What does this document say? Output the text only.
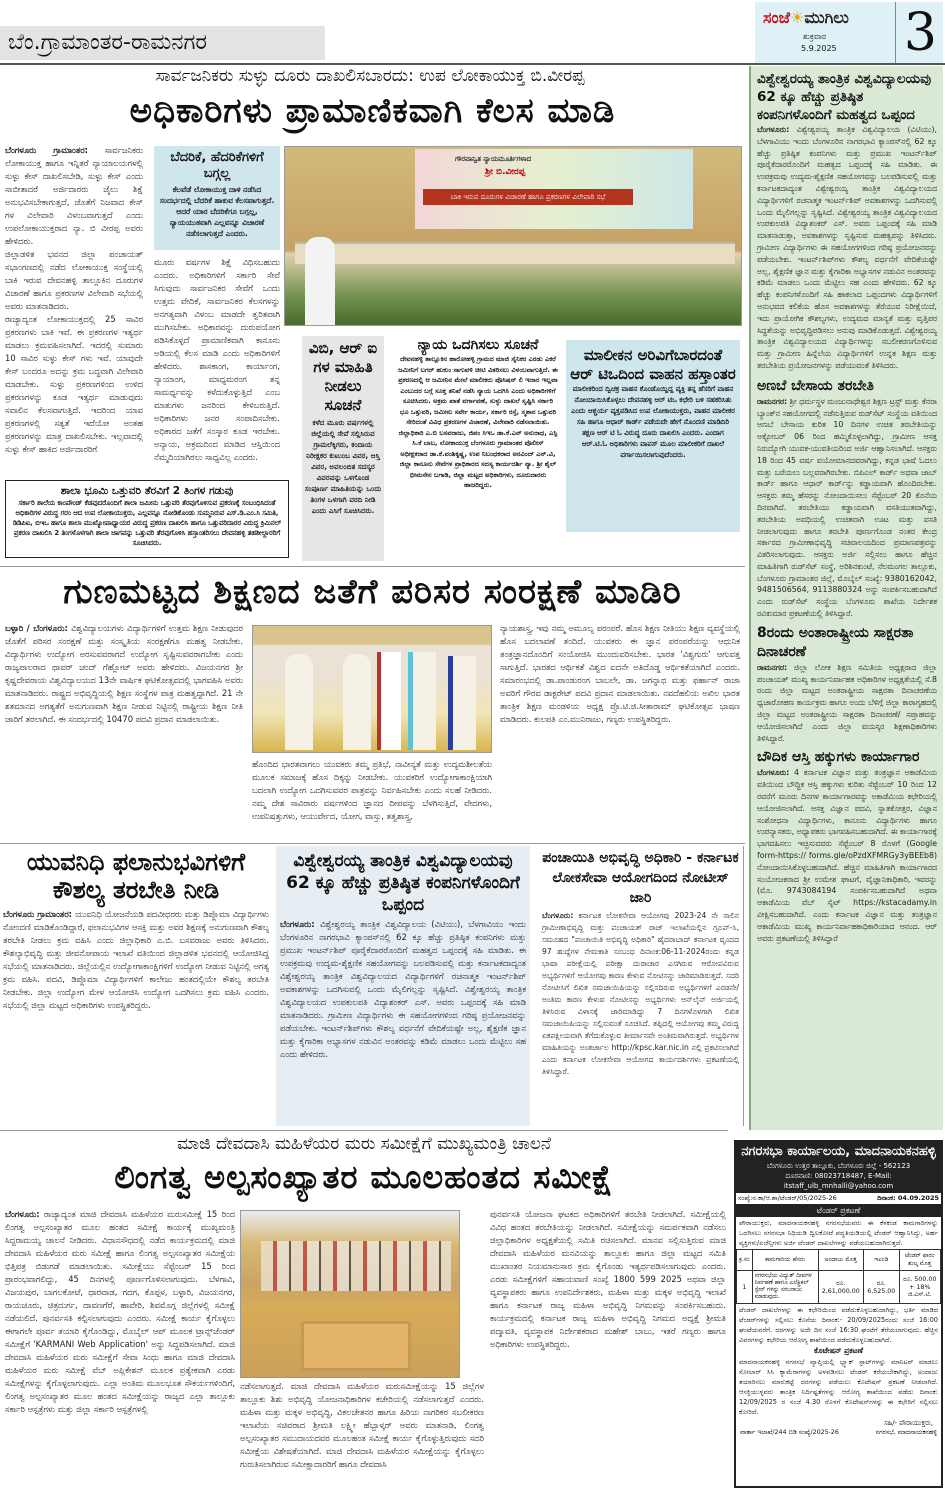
ಬೆಂ.ಗ್ರಾಮಾಂತರ-ರಾಮನಗರ
ಸಂಜೆ☀ಮುಗಿಲು
ಶುಕ್ರವಾರ
5.9.2025 3
ಸಾರ್ವಜನಿಕರು ಸುಳ್ಳು ದೂರು ದಾಖಲಿಸಬಾರದು: ಉಪ ಲೋಕಾಯುಕ್ತ ಬಿ.ವೀರಪ್ಪ
ಅಧಿಕಾರಿಗಳು ಪ್ರಾಮಾಣಿಕವಾಗಿ ಕೆಲಸ ಮಾಡಿ
ಬೆಂಗಳೂರು ಗ್ರಾಮಾಂತರ: ಸಾರ್ವಜನಿಕರು ಲೋಕಾಯುಕ್ತ ಹಾಗೂ ಇನ್ನಿತರೆ ನ್ಯಾಯಾಲಯಗಳಲ್ಲಿ ಸುಳ್ಳು ಕೇಸ್ ದಾಖಲಿಸಬೇಡಿ, ಸುಳ್ಳು ಕೇಸ್ ಎಂದು ಸಾಬೀತಾದರೆ ಅರ್ಜಿದಾರರು ಜೈಲು ಶಿಕ್ಷೆ ಅನುಭವಿಸಬೇಕಾಗುತ್ತದೆ, ಜೊತೆಗೆ ನಿಜವಾದ ಕೇಸ್ ಗಳ ವಿಲೇವಾರಿ ವಿಳಂಬವಾಗುತ್ತದೆ ಎಂದು ಉಪಲೋಕಾಯುಕ್ತರಾದ ನ್ಯಾ. ಬಿ ವೀರಪ್ಪ ಅವರು ಹೇಳಿದರು.
ಜಿಲ್ಲಾಡಳಿತ ಭವನದ ಜಿಲ್ಲಾ ಪಂಚಾಯತ್ ಸಭಾಂಗಣದಲ್ಲಿ ನಡೆದ ಲೋಕಾಯುಕ್ತ ಸಂಸ್ಥೆಯಲ್ಲಿ ಬಾಕಿ ಇರುವ ದೇವನಹಳ್ಳಿ ತಾಲ್ಲೂಕಿನ ದೂರುಗಳ ವಿಚಾರಣೆ ಹಾಗೂ ಪ್ರಕರಣಗಳ ವಿಲೇವಾರಿ ಸಭೆಯಲ್ಲಿ ಅವರು ಮಾತನಾಡಿದರು.
ರಾಜ್ಯಾದ್ಯಂತ ಲೋಕಾಯುಕ್ತದಲ್ಲಿ 25 ಸಾವಿರ ಪ್ರಕರಣಗಳು ಬಾಕಿ ಇವೆ. ಈ ಪ್ರಕರಣಗಳ ಇತ್ಯರ್ಥ ಮಾಡಲು ಕ್ರಮವಹಿಸಲಾಗಿದೆ. ಇದರಲ್ಲಿ ಸುಮಾರು 10 ಸಾವಿರ ಸುಳ್ಳು ಕೇಸ್ ಗಳು ಇವೆ. ಯಾವುದೇ ಕೇಸ್ ಬಂದರೂ ಅದನ್ನು ಕ್ರಮ ಬದ್ಧವಾಗಿ ವಿಲೇವಾರಿ ಮಾಡಬೇಕು. ಸುಳ್ಳು ಪ್ರಕರಣಗಳಿಂದ ಉಳಿದ ಪ್ರಕರಣಗಳನ್ನು ಕೂಡ ಇತ್ಯರ್ಥ ಮಾಡುವುದು ಸವಾಲಿನ ಕೆಲಸವಾಗುತ್ತಿದೆ. ಇದರಿಂದ ಯಾವ ಪ್ರಕರಣಗಳಲ್ಲಿ ಸತ್ಯತೆ ಇದೆಯೋ ಅಂತಹ ಪ್ರಕರಣಗಳನ್ನು ಮಾತ್ರ ದಾಖಲಿಸಬೇಕು. ಇಲ್ಲವಾದಲ್ಲಿ ಸುಳ್ಳು ಕೇಸ್ ಹಾಕಿದ ಅರ್ಜಿದಾರರಿಗೆ
ಬೆದರಿಕೆ, ಹೆದರಿಕೆಗಳಿಗೆ ಬಗ್ಗಲ್ಲ
ಕೆಲವೆಡೆ ಲೋಕಾಯುಕ್ತ ದಾಳಿ ನಡೆಸಿದ ಸಂದರ್ಭದಲ್ಲಿ ಬೆದರಿಕೆ ಹಾಕುವ ಕೆಲಸವಾಗುತ್ತದೆ. ಆದರೆ ಯಾರ ಬೆದರಿಕೆಗೂ ಬಗ್ಗಲ್ಲ, ನ್ಯಾಯಯುತವಾಗಿ ಎಲ್ಲವನ್ನೂ ವಿಚಾರಣೆ ನಡೆಸಲಾಗುತ್ತದೆ ಎಂದರು.
ಮೂರು ವರ್ಷಗಳ ಶಿಕ್ಷೆ ವಿಧಿಸಬಹುದು ಎಂದರು. ಅಧಿಕಾರಿಗಳಿಗೆ ಸರ್ಕಾರಿ ಸೇವೆ ಸಿಗುವುದು ಸಾರ್ವಜನಿಕರ ಸೇವೆಗೆ ಒಂದು ಉತ್ತಮ ವೇದಿಕೆ, ಸಾರ್ವಜನಿಕರ ಕೆಲಸಗಳನ್ನು ಅನಗತ್ಯವಾಗಿ ವಿಳಂಬ ಮಾಡದೇ ತ್ವರಿತವಾಗಿ ಮುಗಿಸಬೇಕು. ಅಧಿಕಾರವನ್ನು ದುರುಪಯೋಗ ಪಡಿಸಿಕೊಳ್ಳದೆ ಪ್ರಾಮಾಣಿಕವಾಗಿ ಕಾನೂನು ಅಡಿಯಲ್ಲಿ ಕೆಲಸ ಮಾಡಿ ಎಂದು ಅಧಿಕಾರಿಗಳಿಗೆ ಹೇಳಿದರು. ಶಾಸಕಾಂಗ, ಕಾರ್ಯಾಂಗ, ನ್ಯಾಯಾಂಗ, ಮಾಧ್ಯಮರಂಗ ತನ್ನ ಸಾಮರ್ಥ್ಯವನ್ನು ಕಳೆದುಕೊಳ್ಳುತ್ತಿದೆ ಎಂಬ ಮಾತುಗಳು ಜನರಿಂದ ಕೇಳಿಬರುತ್ತಿದೆ. ಅಧಿಕಾರಿಗಳು ಜನರ ಸಂಪಾದಿಸಬೇಕು. ಅಧಿಕಾರದ ಜತೆಗೆ ಸಂಸ್ಕಾರ ಕೂಡ ಇರಬೇಕು. ಅನ್ಯಾಯ, ಅಕ್ರಮದಿಂದ ಮಾಡಿದ ಆಸ್ತಿಯಿಂದ ನೆಮ್ಮದಿಯಾಗಿರಲು ಸಾಧ್ಯವಿಲ್ಲ ಎಂದರು.
ಗೌರವಾನ್ವಿತ ನ್ಯಾಯಮೂರ್ತಿಗಳಾದ
ಶ್ರೀ ಬಿ.ವೀರಪ್ಪ
ಬಾಕಿ ಇರುವ ದೂರುಗಳ ವಿಚಾರಣೆ ಹಾಗೂ ಪ್ರಕರಣಗಳ ವಿಲೇವಾರಿ ಸಭೆ
ವಿಬಿ, ಆರ್ ಐ ಗಳ ಮಾಹಿತಿ ನೀಡಲು ಸೂಚನೆ
ಕಳೆದ ಮೂರು ವರ್ಷಗಳಲ್ಲಿ ಜಿಲ್ಲೆಯಲ್ಲಿ ಸೇವೆ ಸಲ್ಲಿಸಿರುವ ಗ್ರಾಮಲೆಕ್ಕಿಗರು, ಕಂದಾಯ ನಿರೀಕ್ಷಕರ ಕುಟುಂಬ ವಿವರ, ಆಸ್ತಿ ವಿವರ, ಅವಲಂಬಿತ ಸದಸ್ಯರ ವಿವರವನ್ನು ಒಳಗೊಂಡ ಸಂಪೂರ್ಣ ಮಾಹಿತಿಯನ್ನು ಒಂದು ತಿಂಗಳ ಒಳಗಾಗಿ ವರದಿ ನೀಡಿ ಎಂದು ಎಸಿಗೆ ಸೂಚಿಸಿದರು.
ನ್ಯಾಯ ಒದಗಿಸಲು ಸೂಚನೆ
ದೇವನಹಳ್ಳಿ ತಾಲ್ಲೂಕಿನ ಹಾರೋಹಳ್ಳಿ ಗ್ರಾಮದ ಮಾಜಿ ಸೈನಿಕರ ಎರಡು ಎಕರೆ ಜಮೀನಿಗೆ ಬಗರ್ ಹುಕುಂ ಸಾಗುವಳಿ ಚೀಟಿ ವಿತರಿಸಲು ವಿಳಂಬವಾಗುತ್ತಿದೆ. ಈ ಪ್ರಕರಣದಲ್ಲಿ ಆ ಜಮೀನಿನ ಮೇಲೆ ಮಾಲೀಕರು ಪೊಸಿಷನ್ ಲಿ ಇದಾರ ಇಲ್ಲವಾ ಎಂಬುದರ ಬಗ್ಗೆ ಸೂಕ್ತ ತನಿಖೆ ನಡೆಸಿ ನ್ಯಾಯ ಒದಗಿಸಿ ಎಂದು ಅಧಿಕಾರಿಗಳಿಗೆ ಸೂಚಿಸಿದರು. ಅಕ್ರಮ ಖಾತೆ ವರ್ಗಾವಣೆ, ಸುಳ್ಳು ದಾಖಲೆ ಸೃಷ್ಟಿಸಿ ಸರ್ಕಾರಿ ಭೂ ಒತ್ತುವರಿ, ಜಮೀನು ಸರ್ವೇ ಕಾರ್ಯ, ಸರ್ಕಾರಿ ರಸ್ತೆ, ಸ್ಮಶಾನ ಒತ್ತುವರಿ ಸೇರಿದಂತೆ ವಿವಿಧ ಪ್ರಕರಣಗಳ ವಿಚಾರಣೆ, ವಿಲೇವಾರಿ ನಡೆಸಲಾಯಿತು. ಜಿಲ್ಲಾಧಿಕಾರಿ ಎ.ಬಿ ಬಸವರಾಜು, ಜಿಪಂ ಸಿಇಒ ಡಾ.ಕೆ.ಎನ್ ಅನುರಾಧ, ಎಸ್ಪಿ ಸಿ.ಕೆ ಬಾಬ, ಲೋಕಾಯುಕ್ತ ಬೆಂಗಳೂರು ಗ್ರಾಮಾಂತರ ಪೊಲೀಸ್ ಅಧೀಕ್ಷಕರಾದ ಡಾ.ಕೆ.ವಂಶಿಕೃಷ್ಣ, ಉಪ ನಿಬಂಧಕರಾದ ಅರವಿಂದ್ ಎನ್.ವಿ, ಜಿಲ್ಲಾ ಕಾನೂನು ಸೇವೆಗಳ ಪ್ರಾಧಿಕಾರದ ಸದಸ್ಯ ಕಾರ್ಯದರ್ಶಿ ನ್ಯಾ. ಶ್ರೀ ಶೈಲ್ ಭೀಮಸೇನ ಬಗಾಡಿ, ಜಿಲ್ಲಾ ಮಟ್ಟದ ಅಧಿಕಾರಿಗಳು, ದೂರುದಾರರು ಹಾಜರಿದ್ದರು.
ಮಾಲೀಕನ ಅರಿವಿಗೆಬಾರದಂತೆ ಆರ್ ಟಿಒದಿಂದ ವಾಹನ ಹಸ್ತಾಂತರ
ಮಾಲೀಕರಿಂದ ದ್ವಿಚಕ್ರ ವಾಹನ ಕೊಂಡೊಯ್ದಿದ್ದ ವ್ಯಕ್ತಿ ತನ್ನ ಹೆಸರಿಗೆ ವಾಹನ ನೋಂದಾಯಿಸಿಕೊಳ್ಳಲು ದೇವನಹಳ್ಳಿ ಆರ್ ಟಿಒ ಕಛೇರಿ ಬಳಿ ಸಹಕರಿಸಿತು ಎಂದು ಆಶ್ಚರ್ಯ ವ್ಯಕ್ತಪಡಿಸಿದ ಉಪ ಲೋಕಾಯುಕ್ತರು, ವಾಹನ ಮಾಲೀಕರ ಸಹಿ ಹಾಗೂ ಆಧಾರ್ ಕಾರ್ಡ್ ಪಡೆಯದೇ ಹೇಗೆ ನೊಂದಣಿ ಮಾಡಿದಿರಿ ತಕ್ಷಣ ಆರ್ ಟಿ ಓ ವಿರುದ್ಧ ದೂರು ದಾಖಲಿಸಿ ಎಂದರು. ಎಂದಾಗ ಆರ್.ಟಿ.ಓ ಅಧಿಕಾರಿಗಳು ವಾಪಸ್ ಮೂಲ ಮಾಲೀಕರಿಗೆ ದಾಖಲೆ ವರ್ಗಾಯಿಸಲಾಗುವುದೆಂದರು.
ಶಾಲಾ ಭೂಮಿ ಒತ್ತುವರಿ ತೆರವಿಗೆ 2 ತಿಂಗಳ ಗಡುವು
ಸರ್ಕಾರಿ ಶಾಲೆಯ ಕಾಂಪೌಂಡ್ ಕೆಡವುದರೊಂದಿಗೆ ಶಾಲಾ ಜಮೀನು ಒತ್ತುವರಿ ತೆರವುಗೊಳಿಸುವ ಪ್ರಕರಣಕ್ಕೆ ಸಂಬಂಧಿಸಿದಂತೆ ಅಧಿಕಾರಿಗಳ ವಿರುದ್ಧ ಗರಂ ಆದ ಉಪ ಲೋಕಾಯುಕ್ತರು, ಎಲ್ಲವನ್ನೂ ನೋಡಿಕೊಂಡು ಸುಮ್ಮನಿರುವ ಎಸ್.ಡಿ.ಎಂ.ಸಿ ಸಮಿತಿ, ಡಿಡಿಪಿಐ, ಬಿಇಒ ಹಾಗೂ ಶಾಲಾ ಮುಖ್ಯೋಪಾಧ್ಯಾಯರ ವಿರುದ್ಧ ಪ್ರಕರಣ ದಾಖಲಿಸಿ ಹಾಗೂ ಒತ್ತುವರಿದಾರರ ವಿರುದ್ಧ ಕ್ರಿಮಿನಲ್ ಪ್ರಕರಣ ದಾಖಲಿಸಿ 2 ತಿಂಗಳೊಳಗಾಗಿ ಶಾಲಾ ಜಾಗವನ್ನು ಒತ್ತುವರಿ ತೆರವುಗೊಳಿಸಿ ಹಸ್ತಾಂತರಿಸಲು ದೇವನಹಳ್ಳಿ ತಹಶೀಲ್ದಾರರಿಗೆ ಸೂಚಿಸಿದರು.
ಗುಣಮಟ್ಟದ ಶಿಕ್ಷಣದ ಜತೆಗೆ ಪರಿಸರ ಸಂರಕ್ಷಣೆ ಮಾಡಿರಿ
ಬಳ್ಳಾರಿ / ಬೆಂಗಳೂರು: ವಿಶ್ವವಿದ್ಯಾಲಯಗಳು ವಿದ್ಯಾರ್ಥಿಗಳಿಗೆ ಉತ್ತಮ ಶಿಕ್ಷಣ ನೀಡುವುದರ ಜೊತೆಗೆ ಪರಿಸರ ಸಂರಕ್ಷಣೆ ಮತ್ತು ಸಂಸ್ಕೃತಿಯ ಸಂರಕ್ಷಣೆಗೂ ಮಹತ್ವ ನೀಡಬೇಕು. ವಿದ್ಯಾರ್ಥಿಗಳು ಉದ್ಯೋಗ ಅರಸುವವರಾಗದೆ ಉದ್ಯೋಗ ಸೃಷ್ಟಿಸುವವರಾಗಬೇಕು ಎಂದು ರಾಜ್ಯಪಾಲರಾದ ಥಾವರ್ ಚಂದ್ ಗೆಹ್ಲೋಟ್ ಅವರು ಹೇಳಿದರು. ವಿಜಯನಗರ ಶ್ರೀ ಕೃಷ್ಣದೇವರಾಯ ವಿಶ್ವವಿದ್ಯಾಲಯದ 13ನೇ ವಾರ್ಷಿಕ ಘಟಿಕೋತ್ಸವದಲ್ಲಿ ಭಾಗವಹಿಸಿ ಅವರು ಮಾತನಾಡಿದರು. ರಾಷ್ಟ್ರದ ಅಭಿವೃದ್ಧಿಯಲ್ಲಿ ಶಿಕ್ಷಣ ಸಂಸ್ಥೆಗಳ ಪಾತ್ರ ಮಹತ್ವದ್ದಾಗಿದೆ. 21 ನೇ ಶತಮಾನದ ಅಗತ್ಯತೆಗೆ ಅನುಗುಣವಾಗಿ ಶಿಕ್ಷಣ ನೀಡುವ ನಿಟ್ಟಿನಲ್ಲಿ ರಾಷ್ಟ್ರೀಯ ಶಿಕ್ಷಣ ನೀತಿ ಜಾರಿಗೆ ತರಲಾಗಿದೆ. ಈ ಸಂದರ್ಭದಲ್ಲಿ 10470 ಪದವಿ ಪ್ರದಾನ ಮಾಡಲಾಯಿತು.
ಹೊಂದಿದ ಭಾರತವಾಗಲು ಯುವಕರು ತಮ್ಮ ಪ್ರತಿಭೆ, ನಾವೀನ್ಯತೆ ಮತ್ತು ಉದ್ಯಮಶೀಲತೆಯ ಮೂಲಕ ಸಮಾಜಕ್ಕೆ ಹೊಸ ದಿಕ್ಕನ್ನು ನೀಡಬೇಕು. ಯುವಕರಿಗೆ ಉದ್ಯೋಗಾಕಾಂಕ್ಷಿಯಾಗಿ ಬದಲಾಗಿ ಉದ್ಯೋಗ ಒದಗಿಸುವವರ ಪಾತ್ರವನ್ನು ನಿರ್ವಹಿಸಬೇಕು ಎಂದು ಸಲಹೆ ನೀಡಿದರು. ನಮ್ಮ ದೇಶ ಸಾವಿರಾರು ವರ್ಷಗಳಿಂದ ಜ್ಞಾನದ ದೀಪವನ್ನು ಬೆಳಗಿಸುತ್ತಿದೆ, ವೇದಗಳು, ಉಪನಿಷತ್ತುಗಳು, ಆಯುರ್ವೇದ, ಯೋಗ, ವಾಸ್ತು, ತತ್ವಶಾಸ್ತ್ರ,
ನ್ಯಾಯಶಾಸ್ತ್ರ, ಇವು ನಮ್ಮ ಅಮೂಲ್ಯ ಪರಂಪರೆ. ಹೊಸ ಶಿಕ್ಷಣ ನೀತಿಯು ಶಿಕ್ಷಣ ವ್ಯವಸ್ಥೆಯಲ್ಲಿ ಹೊಸ ಬದಲಾವಣೆ ತಂದಿದೆ. ಯುವಕರು ಈ ಜ್ಞಾನ ಪರಂಪರೆಯನ್ನು ಆಧುನಿಕ ತಂತ್ರಜ್ಞಾನದೊಂದಿಗೆ ಸಂಯೋಜಿಸಿ ಮುಂದುವರಿಸಬೇಕು. ಭಾರತ 'ವಿಶ್ವಗುರು' ಆಗುವತ್ತ ಸಾಗುತ್ತಿದೆ. ಭಾರತದ ಆರ್ಥಿಕತೆ ವಿಶ್ವದ ಐದನೇ ಅತಿದೊಡ್ಡ ಆರ್ಥಿಕತೆಯಾಗಿದೆ ಎಂದರು. ಸಮಾರಂಭದಲ್ಲಿ ಡಾ.ಪಾಂಡುರಂಗ ಬಾಬಲೇ, ಡಾ. ಜಗನ್ನಾಥ ಮತ್ತು ಫರ್ಹಾನ್ ರಾಜಾ ಅವರಿಗೆ ಗೌರವ ಡಾಕ್ಟರೇಟ್ ಪದವಿ ಪ್ರದಾನ ಮಾಡಲಾಯಿತು. ನವದೆಹಲಿಯ ಅಖಿಲ ಭಾರತ ತಾಂತ್ರಿಕ ಶಿಕ್ಷಣ ಮಂಡಳಿಯ ಅಧ್ಯಕ್ಷ ಪ್ರೊ.ಟಿ.ಜಿ.ಸೀತಾರಾಮ್ ಘಟಿಕೋತ್ಸವ ಭಾಷಣ ಮಾಡಿದರು. ಕುಲಪತಿ ಎಂ.ಮುನಿರಾಜು, ಗಣ್ಯರು ಉಪಸ್ಥಿತರಿದ್ದರು.
ಯುವನಿಧಿ ಫಲಾನುಭವಿಗಳಿಗೆ ಕೌಶಲ್ಯ ತರಬೇತಿ ನೀಡಿ
ಬೆಂಗಳೂರು ಗ್ರಾಮಾಂತರ: ಯುವನಿಧಿ ಯೋಜನೆಯಡಿ ಪದವೀಧರರು ಮತ್ತು ಡಿಪ್ಲೊಮಾ ವಿದ್ಯಾರ್ಥಿಗಳು ನೋಂದಣಿ ಮಾಡಿಕೊಂಡಿದ್ದಾರೆ, ಫಲಾನುಭವಿಗಳ ಆಸಕ್ತಿ ಮತ್ತು ಅವರ ಶಿಕ್ಷಣಕ್ಕೆ ಅನುಗುಣವಾಗಿ ಕೌಶಲ್ಯ ತರಬೇತಿ ನೀಡಲು ಕ್ರಮ ವಹಿಸಿ ಎಂದು ಜಿಲ್ಲಾಧಿಕಾರಿ ಎ.ಬಿ. ಬಸವರಾಜು ಅವರು ತಿಳಿಸಿದರು. ಕೌಶಲ್ಯಾಭಿವೃದ್ಧಿ ಮತ್ತು ಜೀವನೋಪಾಯ ಇಲಾಖೆ ವತಿಯಿಂದ ಜಿಲ್ಲಾಡಳಿತ ಭವನದಲ್ಲಿ ಆಯೋಜಿಸಿದ್ದ ಸಭೆಯಲ್ಲಿ ಮಾತನಾಡಿದರು. ಜಿಲ್ಲೆಯಲ್ಲಿನ ಉದ್ಯೋಗಾಕಾಂಕ್ಷಿಗಳಿಗೆ ಉದ್ಯೋಗ ನೀಡುವ ನಿಟ್ಟಿನಲ್ಲಿ ಅಗತ್ಯ ಕ್ರಮ ವಹಿಸಿ. ಪದವಿ, ಡಿಪ್ಲೊಮಾ ವಿದ್ಯಾರ್ಥಿಗಳಿಗೆ ಕಾಲೇಜು ಹಂತದಲ್ಲಿಯೇ ಕೌಶಲ್ಯ ತರಬೇತಿ ನೀಡಬೇಕು. ಜಿಲ್ಲಾ ಉದ್ಯೋಗ ಮೇಳ ಆಯೋಜಿಸಿ ಉದ್ಯೋಗ ಒದಗಿಸಲು ಕ್ರಮ ವಹಿಸಿ ಎಂದರು. ಸಭೆಯಲ್ಲಿ ಜಿಲ್ಲಾ ಮಟ್ಟದ ಅಧಿಕಾರಿಗಳು ಉಪಸ್ಥಿತರಿದ್ದರು.
ವಿಶ್ವೇಶ್ವರಯ್ಯ ತಾಂತ್ರಿಕ ವಿಶ್ವವಿದ್ಯಾಲಯವು 62 ಕ್ಕೂ ಹೆಚ್ಚು ಪ್ರತಿಷ್ಠಿತ ಕಂಪನಿಗಳೊಂದಿಗೆ ಒಪ್ಪಂದ
ಬೆಂಗಳೂರು: ವಿಶ್ವೇಶ್ವರಯ್ಯ ತಾಂತ್ರಿಕ ವಿಶ್ವವಿದ್ಯಾಲಯ (ವಿಟಿಯು), ಬೆಳಗಾವಿಯು ಇಂದು ಬೆಂಗಳೂರಿನ ನಾಗರಭಾವಿ ಕ್ಯಾಂಪಸ್‌ನಲ್ಲಿ 62 ಕ್ಕೂ ಹೆಚ್ಚು ಪ್ರತಿಷ್ಠಿತ ಕಂಪನಿಗಳು ಮತ್ತು ಪ್ರಮುಖ ಇಂಟರ್ನ್‌ಶಿಪ್ ಪೂರೈಕೆದಾರರೊಂದಿಗೆ ಮಹತ್ವದ ಒಪ್ಪಂದಕ್ಕೆ ಸಹಿ ಮಾಡಿತು. ಈ ಉಪಕ್ರಮವು ಉದ್ಯಮ-ಶೈಕ್ಷಣಿಕ ಸಹಯೋಗವನ್ನು ಬಲಪಡಿಸುವಲ್ಲಿ ಮತ್ತು ಕರ್ನಾಟಕದಾದ್ಯಂತ ವಿಶ್ವೇಶ್ವರಯ್ಯ ತಾಂತ್ರಿಕ ವಿಶ್ವವಿದ್ಯಾಲಯದ ವಿದ್ಯಾರ್ಥಿಗಳಿಗೆ ರಚನಾತ್ಮಕ ಇಂಟರ್ನ್‌ಶಿಪ್ ಅವಕಾಶಗಳನ್ನು ಒದಗಿಸುವಲ್ಲಿ ಒಂದು ಮೈಲಿಗಲ್ಲನ್ನು ಸೃಷ್ಟಿಸಿದೆ. ವಿಶ್ವೇಶ್ವರಯ್ಯ ತಾಂತ್ರಿಕ ವಿಶ್ವವಿದ್ಯಾಲಯದ ಉಪಕುಲಪತಿ ವಿದ್ಯಾಶಂಕರ್ ಎಸ್. ಅವರು ಒಪ್ಪಂದಕ್ಕೆ ಸಹಿ ಮಾಡಿ ಮಾತನಾಡಿದರು. ಗ್ರಾಮೀಣ ವಿದ್ಯಾರ್ಥಿಗಳು ಈ ಸಹಯೋಗಗಳಿಂದ ಗರಿಷ್ಠ ಪ್ರಯೋಜನವನ್ನು ಪಡೆಯಬೇಕು. ಇಂಟರ್ನ್‌ಶಿಪ್‌ಗಳು ಕೌಶಲ್ಯ ವರ್ಧನೆಗೆ ವೇದಿಕೆಯಷ್ಟೇ ಅಲ್ಲ, ಶೈಕ್ಷಣಿಕ ಜ್ಞಾನ ಮತ್ತು ಕೈಗಾರಿಕಾ ಅಭ್ಯಾಸಗಳ ನಡುವಿನ ಅಂತರವನ್ನು ಕಡಿಮೆ ಮಾಡಲು ಒಂದು ಮೆಟ್ಟಿಲು ಸಹ ಎಂದು ಹೇಳಿದರು.
ಪಂಚಾಯಿತಿ ಅಭಿವೃದ್ಧಿ ಅಧಿಕಾರಿ - ಕರ್ನಾಟಕ ಲೋಕಸೇವಾ ಆಯೋಗದಿಂದ ನೋಟೀಸ್ ಜಾರಿ
ಬೆಂಗಳೂರು: ಕರ್ನಾಟಕ ಲೋಕಸೇವಾ ಆಯೋಗವು 2023-24 ನೇ ಸಾಲಿನ ಗ್ರಾಮೀಣಾಭಿವೃದ್ಧಿ ಮತ್ತು ಪಂಚಾಯತ್ ರಾಜ್ ಇಲಾಖೆಯಲ್ಲಿನ ಗ್ರೂಪ್-ಸಿ, ಸಮೂಹದ "ಪಂಚಾಯಿತಿ ಅಭಿವೃದ್ಧಿ ಅಧಿಕಾರಿ" ಹೈದರಾಬಾದ್ ಕರ್ನಾಟಕ ವೃಂದದ 97 ಹುದ್ದೆಗಳ ನೇಮಕಾತಿ ಸಂಬಂಧ ದಿನಾಂಕ:06-11-2024ರಂದು ಕನ್ನಡ ಭಾಷಾ ಪರೀಕ್ಷೆಯಲ್ಲಿ ಪರೀಕ್ಷಾ ದುರಾಚಾರ ಎಸಗಿರುವ ಆರೋಪವಿರುವ ಅಭ್ಯರ್ಥಿಗಳಿಗೆ ಆಯೋಗವು ಕಾರಣ ಕೇಳುವ ನೋಟಿಸನ್ನು ಜಾರಿಮಾಡಿರುತ್ತದೆ. ಸದರಿ ನೋಟೀಸಿಗೆ ಲಿಖಿತ ಸಮಜಾಯಿಷಿಯನ್ನು ಸಲ್ಲಿಸದಿರುವ ಅಭ್ಯರ್ಥಿಗಳಿಗೆ ಎರಡನೇ/ ಅಂತಿಮ ಕಾರಣ ಕೇಳುವ ನೋಟೀಸನ್ನು ಅಭ್ಯರ್ಥಿಗಳು ಆನ್‌ಲೈನ್ ಅರ್ಜಿಯಲ್ಲಿ ತಿಳಿಸಿರುವ ವಿಳಾಸಕ್ಕೆ ಜಾರಿಮಾಡಿದ್ದು 7 ದಿನಗಳೊಳಗಾಗಿ ಲಿಖಿತ ಸಮಜಾಯಿಷಿಯನ್ನು ಸಲ್ಲಿಸುವಂತೆ ಸೂಚಿಸಿದೆ. ತಪ್ಪಿದಲ್ಲಿ ಆಯೋಗವು ತಮ್ಮ ವಿರುದ್ಧ ಏಕಪಕ್ಷೀಯವಾಗಿ ತೆಗೆದುಕೊಳ್ಳುವ ತೀರ್ಮಾನವೇ ಅಂತಿಮವಾಗಿರುತ್ತದೆ. ಅಭ್ಯರ್ಥಿಗಳ ಮಾಹಿತಿಯನ್ನು ಅಂತರ್ಜಾಲ http://kpsc.kar.nic.in ನಲ್ಲಿ ಪ್ರಕಟಿಸಲಾಗಿದೆ ಎಂದು ಕರ್ನಾಟಕ ಲೋಕಸೇವಾ ಆಯೋಗದ ಕಾರ್ಯದರ್ಶಿಗಳು ಪ್ರಕಟಣೆಯಲ್ಲಿ ತಿಳಿಸಿದ್ದಾರೆ.
ಮಾಜಿ ದೇವದಾಸಿ ಮಹಿಳೆಯರ ಮರು ಸಮೀಕ್ಷೆಗೆ ಮುಖ್ಯಮಂತ್ರಿ ಚಾಲನೆ
ಲಿಂಗತ್ವ ಅಲ್ಪಸಂಖ್ಯಾತರ ಮೂಲಹಂತದ ಸಮೀಕ್ಷೆ
ಬೆಂಗಳೂರು: ರಾಜ್ಯಾದ್ಯಂತ ಮಾಜಿ ದೇವದಾಸಿ ಮಹಿಳೆಯರ ಮರುಸಮೀಕ್ಷೆ 15 ರಿಂದ ಲಿಂಗತ್ವ ಅಲ್ಪಸಂಖ್ಯಾತರ ಮೂಲ ಹಂತದ ಸಮೀಕ್ಷೆ ಕಾರ್ಯಕ್ಕೆ ಮುಖ್ಯಮಂತ್ರಿ ಸಿದ್ದರಾಮಯ್ಯ ಚಾಲನೆ ನೀಡಿದರು. ವಿಧಾನಸೌಧದಲ್ಲಿ ನಡೆದ ಕಾರ್ಯಕ್ರಮದಲ್ಲಿ ಮಾಜಿ ದೇವದಾಸಿ ಮಹಿಳೆಯರ ಮರು ಸಮೀಕ್ಷೆ ಹಾಗೂ ಲಿಂಗತ್ವ ಅಲ್ಪಸಂಖ್ಯಾತರ ಸಮೀಕ್ಷೆಯ ಭಿತ್ತಿಪತ್ರ ಬಿಡುಗಡೆ ಮಾಡಲಾಯಿತು. ಸಮೀಕ್ಷೆಯು ಸೆಪ್ಟೆಂಬರ್ 15 ರಿಂದ ಪ್ರಾರಂಭವಾಗಲಿದ್ದು, 45 ದಿನಗಳಲ್ಲಿ ಪೂರ್ಣಗೊಳಿಸಲಾಗುವುದು. ಬೆಳಗಾವಿ, ವಿಜಯಪುರ, ಬಾಗಲಕೋಟೆ, ಧಾರವಾಡ, ಗದಗ, ಕೊಪ್ಪಳ, ಬಳ್ಳಾರಿ, ವಿಜಯನಗರ, ರಾಯಚೂರು, ಚಿತ್ರದುರ್ಗ, ದಾವಣಗೆರೆ, ಹಾವೇರಿ, ಶಿವಮೊಗ್ಗ ಜಿಲ್ಲೆಗಳಲ್ಲಿ ಸಮೀಕ್ಷೆ ನಡೆಯಲಿದೆ. ಪುನರ್ವಸತಿ ಕಲ್ಪಿಸಲಾಗುವುದು ಎಂದರು. ಸಮೀಕ್ಷೆ ಕಾರ್ಯ ಕೈಗೊಳ್ಳಲು ಈಗಾಗಲೇ ಪೂರ್ವ ತಯಾರಿ ಕೈಗೊಂಡಿದ್ದು, ಮೊಬೈಲ್ ಆಪ್ ಮೂಲಕ ಟ್ರಾನ್ಸ್‌ಜೆಂಡರ್ ಸಮೀಕ್ಷೆಗೆ 'KARMANI Web Application' ಅನ್ನು ಸಿದ್ಧಪಡಿಸಲಾಗಿದೆ. ಮಾಜಿ ದೇವದಾಸಿ ಮಹಿಳೆಯರ ಮರು ಸಮೀಕ್ಷೆಗೆ ಸೇವಾ ಸಿಂಧು ಹಾಗೂ ಮಾಜಿ ದೇವದಾಸಿ ಮಹಿಳೆಯರ ಮರು ಸಮೀಕ್ಷೆ ವೆಬ್ ಅಪ್ಲಿಕೇಶನ್ ಮೂಲಕ ಪ್ರತ್ಯೇಕವಾಗಿ ಎರಡು ಸಮೀಕ್ಷೆಗಳನ್ನು ಕೈಗೊಳ್ಳಲಾಗುವುದು. ಎಲ್ಲಾ ಅಂತಿಮ ಮೂಲಭೂತ ಸೌಕರ್ಯಗಳಿಂದಿಗೆ, ಲಿಂಗತ್ವ ಅಲ್ಪಸಂಖ್ಯಾತರ ಮೂಲ ಹಂತದ ಸಮೀಕ್ಷೆಯನ್ನು ರಾಜ್ಯದ ಎಲ್ಲಾ ತಾಲ್ಲೂಕು ಸರ್ಕಾರಿ ಆಸ್ಪತ್ರೆಗಳು ಮತ್ತು ಜಿಲ್ಲಾ ಸರ್ಕಾರಿ ಆಸ್ಪತ್ರೆಗಳಲ್ಲಿ
ನಡೆಸಲಾಗುತ್ತದೆ. ಮಾಜಿ ದೇವದಾಸಿ ಮಹಿಳೆಯರ ಮರುಸಮೀಕ್ಷೆಯನ್ನು 15 ಜಿಲ್ಲೆಗಳ ತಾಲ್ಲೂಕು ಶಿಶು ಅಭಿವೃದ್ಧಿ ಯೋಜನಾಧಿಕಾರಿಗಳ ಕಚೇರಿಯಲ್ಲಿ ನಡೆಸಲಾಗುತ್ತದೆ ಎಂದರು. ಮಹಿಳಾ ಮತ್ತು ಮಕ್ಕಳ ಅಭಿವೃದ್ಧಿ, ವಿಕಲಚೇತನರ ಹಾಗೂ ಹಿರಿಯ ನಾಗರಿಕರ ಸಬಲೀಕರಣ ಇಲಾಖೆಯ ಸಚಿವರಾದ ಶ್ರೀಮತಿ ಲಕ್ಷ್ಮೀ ಹೆಬ್ಬಾಳ್ಕರ್ ಅವರು ಮಾತನಾಡಿ, ಲಿಂಗತ್ವ ಅಲ್ಪಸಂಖ್ಯಾತರ ಸಮುದಾಯದವರ ಮೂಲಹಂತ ಸಮೀಕ್ಷೆ ಕಾರ್ಯ ಕೈಗೊಳ್ಳುತ್ತಿರುವುದು ಸದರಿ ಸಮೀಕ್ಷೆಯ ವಿಶೇಷತೆಯಾಗಿದೆ. ಮಾಜಿ ದೇವದಾಸಿ ಮಹಿಳೆಯರ ಸಮೀಕ್ಷೆಯನ್ನು ಕೈಗೊಳ್ಳಲು ಗುರುತಿಸಲಾಗಿರುವ ಸಮೀಕ್ಷಾದಾರರಿಗೆ ಹಾಗೂ ದೇವದಾಸಿ
ಪುನರ್ವಸತಿ ಯೋಜನಾ ಘಟಕದ ಅಧಿಕಾರಿಗಳಿಗೆ ತರಬೇತಿ ನೀಡಲಾಗಿದೆ. ಸಮೀಕ್ಷೆಯಲ್ಲಿ ವಿವಿಧ ಹಂತದ ತರಬೇತಿಯನ್ನು ನೀಡಲಾಗಿದೆ. ಸಮೀಕ್ಷೆಯನ್ನು ಸಮರ್ಪಕವಾಗಿ ನಡೆಸಲು ಜಿಲ್ಲಾಧಿಕಾರಿಗಳ ಅಧ್ಯಕ್ಷತೆಯಲ್ಲಿ ಸಮಿತಿ ರಚಿಸಲಾಗಿದೆ. ಮಾನವ ಸಲ್ಲಿಸುತ್ತಿರುವ ಮಾಜಿ ದೇವದಾಸಿ ಮಹಿಳೆಯರ ಮನವಿಯನ್ನು ತಾಲ್ಲೂಕು ಹಾಗೂ ಜಿಲ್ಲಾ ಮಟ್ಟದ ಸಮಿತಿ ಮುಖಾಂತರ ನಿಯಮಾನುಸಾರ ಕ್ರಮ ಕೈಗೊಂಡು ಇತ್ಯರ್ಥಪಡಿಸಲಾಗುವುದು ಎಂದರು. ಎರಡು ಸಮೀಕ್ಷೆಗಳಿಗೆ ಸಹಾಯವಾಣಿ ಸಂಖ್ಯೆ 1800 599 2025 ಅಥವಾ ಜಿಲ್ಲಾ ವ್ಯವಸ್ಥಾಪಕರು ಹಾಗೂ ಉಪನಿರ್ದೇಶಕರು, ಮಹಿಳಾ ಮತ್ತು ಮಕ್ಕಳ ಅಭಿವೃದ್ಧಿ ಇಲಾಖೆ ಹಾಗೂ ಕರ್ನಾಟಕ ರಾಜ್ಯ ಮಹಿಳಾ ಅಭಿವೃದ್ಧಿ ನಿಗಮವನ್ನು ಸಂಪರ್ಕಿಸಬಹುದು. ಕಾರ್ಯಕ್ರಮದಲ್ಲಿ ಕರ್ನಾಟಕ ರಾಜ್ಯ ಮಹಿಳಾ ಅಭಿವೃದ್ಧಿ ನಿಗಮದ ಅಧ್ಯಕ್ಷೆ ಶ್ರೀಮತಿ ಪದ್ಮಾವತಿ, ವ್ಯವಸ್ಥಾಪಕ ನಿರ್ದೇಶಕರಾದ ಮಹೇಶ್ ಬಾಬು, ಇತರೆ ಗಣ್ಯರು ಹಾಗೂ ಅಧಿಕಾರಿಗಳು ಉಪಸ್ಥಿತರಿದ್ದರು.
ವಿಶ್ವೇಶ್ವರಯ್ಯ ತಾಂತ್ರಿಕ ವಿಶ್ವವಿದ್ಯಾಲಯವು 62 ಕ್ಕೂ ಹೆಚ್ಚು ಪ್ರತಿಷ್ಠಿತ ಕಂಪನಿಗಳೊಂದಿಗೆ ಮಹತ್ವದ ಒಪ್ಪಂದ
ಬೆಂಗಳೂರು: ವಿಶ್ವೇಶ್ವರಯ್ಯ ತಾಂತ್ರಿಕ ವಿಶ್ವವಿದ್ಯಾಲಯ (ವಿಟಿಯು), ಬೆಳಗಾವಿಯು ಇಂದು ಬೆಂಗಳೂರಿನ ನಾಗರಭಾವಿ ಕ್ಯಾಂಪಸ್‌ನಲ್ಲಿ 62 ಕ್ಕೂ ಹೆಚ್ಚು ಪ್ರತಿಷ್ಠಿತ ಕಂಪನಿಗಳು ಮತ್ತು ಪ್ರಮುಖ ಇಂಟರ್ನ್‌ಶಿಪ್ ಪೂರೈಕೆದಾರರೊಂದಿಗೆ ಮಹತ್ವದ ಒಪ್ಪಂದಕ್ಕೆ ಸಹಿ ಮಾಡಿತು. ಈ ಉಪಕ್ರಮವು ಉದ್ಯಮ-ಶೈಕ್ಷಣಿಕ ಸಹಯೋಗವನ್ನು ಬಲಪಡಿಸುವಲ್ಲಿ ಮತ್ತು ಕರ್ನಾಟಕದಾದ್ಯಂತ ವಿಶ್ವೇಶ್ವರಯ್ಯ ತಾಂತ್ರಿಕ ವಿಶ್ವವಿದ್ಯಾಲಯದ ವಿದ್ಯಾರ್ಥಿಗಳಿಗೆ ರಚನಾತ್ಮಕ ಇಂಟರ್ನ್‌ಶಿಪ್ ಅವಕಾಶಗಳನ್ನು ಒದಗಿಸುವಲ್ಲಿ ಒಂದು ಮೈಲಿಗಲ್ಲನ್ನು ಸೃಷ್ಟಿಸಿದೆ. ವಿಶ್ವೇಶ್ವರಯ್ಯ ತಾಂತ್ರಿಕ ವಿಶ್ವವಿದ್ಯಾಲಯದ ಉಪಕುಲಪತಿ ವಿದ್ಯಾಶಂಕರ್ ಎಸ್. ಅವರು ಒಪ್ಪಂದಕ್ಕೆ ಸಹಿ ಮಾಡಿ ಮಾತನಾಡುತ್ತಾ, ಅವಕಾಶಗಳನ್ನು ಸೃಷ್ಟಿಸುವ ಮಹತ್ವವನ್ನು ತಿಳಿಸಿದರು. ಗ್ರಾಮೀಣ ವಿದ್ಯಾರ್ಥಿಗಳು ಈ ಸಹಯೋಗಗಳಿಂದ ಗರಿಷ್ಠ ಪ್ರಯೋಜನವನ್ನು ಪಡೆಯಬೇಕು. ಇಂಟರ್ನ್‌ಶಿಪ್‌ಗಳು ಕೌಶಲ್ಯ ವರ್ಧನೆಗೆ ವೇದಿಕೆಯಷ್ಟೇ ಅಲ್ಲ, ಶೈಕ್ಷಣಿಕ ಜ್ಞಾನ ಮತ್ತು ಕೈಗಾರಿಕಾ ಅಭ್ಯಾಸಗಳ ನಡುವಿನ ಅಂತರವನ್ನು ಕಡಿಮೆ ಮಾಡಲು ಒಂದು ಮೆಟ್ಟಿಲು ಸಹ ಎಂದು ಹೇಳಿದರು. 62 ಕ್ಕೂ ಹೆಚ್ಚು ಕಂಪನಿಗಳೊಂದಿಗೆ ಸಹಿ ಹಾಕಲಾದ ಒಪ್ಪಂದಗಳು ವಿದ್ಯಾರ್ಥಿಗಳಿಗೆ ಅನುಭವದ ಕಲಿಕೆಯ ಹೊಸ ಅವಕಾಶಗಳನ್ನು ತೆರೆಯುವ ನಿರೀಕ್ಷೆಯಿದೆ, ಇದು ಪ್ರಾಯೋಗಿಕ ಕೌಶಲ್ಯಗಳು, ಉದ್ಯಮದ ಮಾನ್ಯತೆ ಮತ್ತು ವೃತ್ತಿಪರ ಸಿದ್ಧತೆಯನ್ನು ಅಭಿವೃದ್ಧಿಪಡಿಸಲು ಅನುವು ಮಾಡಿಕೊಡುತ್ತದೆ. ವಿಶ್ವೇಶ್ವರಯ್ಯ ತಾಂತ್ರಿಕ ವಿಶ್ವವಿದ್ಯಾಲಯದ ವಿದ್ಯಾರ್ಥಿಗಳನ್ನು ಸಬಲೀಕರಣಗೊಳಿಸುವ ಮತ್ತು ಗ್ರಾಮೀಣ ಹಿನ್ನೆಲೆಯ ವಿದ್ಯಾರ್ಥಿಗಳಿಗೆ ಉನ್ನತ ಶಿಕ್ಷಣ ಮತ್ತು ತರಬೇತಿಯ ಪ್ರಯೋಜನಗಳನ್ನು ಪಡೆಯುವಂತೆ ತಿಳಿಸಿದರು.
ಅಣಬೆ ಬೇಸಾಯ ತರಬೇತಿ
ರಾಮನಗರ: ಶ್ರೀ ಧರ್ಮಸ್ಥಳ ಮಂಜುನಾಥೇಶ್ವರ ಶಿಕ್ಷಣ ಟ್ರಸ್ಟ್ ಮತ್ತು ಕೆನರಾ ಬ್ಯಾಂಕ್‌ನ ಸಹಯೋಗದಲ್ಲಿ ನಡೆಸುತ್ತಿರುವ ರುಡ್‌ಸೆಟ್ ಸಂಸ್ಥೆಯ ವತಿಯಿಂದ ಅಣಬೆ ಬೇಸಾಯ ಕುರಿತ 10 ದಿನಗಳ ಉಚಿತ ತರಬೇತಿಯನ್ನು ಅಕ್ಟೋಬರ್ 06 ರಿಂದ ಹಮ್ಮಿಕೊಳ್ಳಲಾಗಿದ್ದು, ಗ್ರಾಮೀಣ ಆಸಕ್ತ ನಿರುದ್ಯೋಗಿ ಯುವಕ-ಯುವತಿಯರಿಂದ ಅರ್ಜಿ ಆಹ್ವಾನಿಸಲಾಗಿದೆ. ಆಸಕ್ತರು 18 ರಿಂದ 45 ವರ್ಷ ವಯೋಮಾನದವರಾಗಿದ್ದು, ಕನ್ನಡ ಭಾಷೆ ಓದಲು ಮತ್ತು ಬರೆಯಲು ಬಲ್ಲವರಾಗಿರಬೇಕು. ಬಿಪಿಎಲ್ ಕಾರ್ಡ್ ಅಥವಾ ಜಾಬ್ ಕಾರ್ಡ್ ಹಾಗೂ ಆಧಾರ್ ಕಾರ್ಡ್‌ನ್ನು ಕಡ್ಡಾಯವಾಗಿ ಹೊಂದಿರಬೇಕು. ಆಸಕ್ತರು ತಮ್ಮ ಹೆಸರನ್ನು ನೋಂದಾಯಿಸಲು ಸೆಪ್ಟೆಂಬರ್ 20 ಕೊನೆಯ ದಿನವಾಗಿದೆ. ತರಬೇತಿಯು ಕಡ್ಡಾಯವಾಗಿ ವಸತಿಯುತವಾಗಿದ್ದು, ತರಬೇತಿಯ ಅವಧಿಯಲ್ಲಿ ಉಚಿತವಾಗಿ ಊಟ ಮತ್ತು ವಸತಿ ನೀಡಲಾಗುವುದು ಹಾಗೂ ತರಬೇತಿ ಪೂರ್ಣಗೊಂಡ ನಂತರ ಕೇಂದ್ರ ಸರ್ಕಾರದ ಗ್ರಾಮೀಣಾಭಿವೃದ್ಧಿ ಸಚಿವಾಲಯದಿಂದ ಪ್ರಮಾಣಪತ್ರವನ್ನು ವಿತರಿಸಲಾಗುವುದು. ಆಸಕ್ತರು ಅರ್ಜಿ ಸಲ್ಲಿಸಲು ಹಾಗೂ ಹೆಚ್ಚಿನ ಮಾಹಿತಿಗಾಗಿ ರುಡ್‌ಸೆಟ್ ಸಂಸ್ಥೆ, ಅರಿಶಿನಕುಂಟೆ, ನೆಲಮಂಗಲ ತಾಲ್ಲೂಕು, ಬೆಂಗಳೂರು ಗ್ರಾಮಾಂತರ ಜಿಲ್ಲೆ, ಮೊಬೈಲ್ ಸಂಖ್ಯೆ: 9380162042, 9481506564, 9113880324 ಅನ್ನು ಸಂಪರ್ಕಿಸಬಹುದಾಗಿದೆ ಎಂದು ರುಡ್‌ಸೆಟ್ ಸಂಸ್ಥೆಯ ಬೆಂಗಳೂರು ಶಾಖೆಯ ನಿರ್ದೇಶಕ ರವಿಕುಮಾರ ಪ್ರಕಟಣೆಯಲ್ಲಿ ತಿಳಿಸಿದ್ದಾರೆ.
8ರಂದು ಅಂತಾರಾಷ್ಟ್ರೀಯ ಸಾಕ್ಷರತಾ ದಿನಾಚರಣೆ
ರಾಮನಗರ: ಜಿಲ್ಲಾ ಲೋಕ ಶಿಕ್ಷಣ ಸಮಿತಿಯ ಅಧ್ಯಕ್ಷರಾದ ಜಿಲ್ಲಾ ಪಂಚಾಯತ್ ಮುಖ್ಯ ಕಾರ್ಯನಿರ್ವಾಹಕ ಅಧಿಕಾರಿಗಳ ಅಧ್ಯಕ್ಷತೆಯಲ್ಲಿ ಸೆ.8 ರಂದು ಜಿಲ್ಲಾ ಮಟ್ಟದ ಅಂತರಾಷ್ಟ್ರೀಯ ಸಾಕ್ಷರತಾ ದಿನಾಚರಣೆಯ ಧ್ವಜಾರೋಹಣ ಕಾರ್ಯಕ್ರಮ ಹಾಗೂ ಅಂದು ಬೆಳಿಗ್ಗೆ ಜಿಲ್ಲಾ ಕಾರಾಗೃಹದಲ್ಲಿ ಜಿಲ್ಲಾ ಮಟ್ಟದ ಅಂತರಾಷ್ಟ್ರೀಯ ಸಾಕ್ಷರತಾ ದಿನಾಚರಣೆ/ ಸಪ್ತಾಹವನ್ನು ಆಯೋಜಿಸಲಾಗಿದೆ ಎಂದು ಜಿಲ್ಲಾ ವಯಸ್ಕರ ಶಿಕ್ಷಣಾಧಿಕಾರಿಗಳು ತಿಳಿಸಿದ್ದಾರೆ.
ಬೌದಿಕ ಆಸ್ತಿ ಹಕ್ಕುಗಳು ಕಾರ್ಯಾಗಾರ
ಬೆಂಗಳೂರು: 4 ಕರ್ನಾಟಕ ವಿಜ್ಞಾನ ಮತ್ತು ತಂತ್ರಜ್ಞಾನ ಅಕಾಡೆಮಿಯ ವತಿಯಿಂದ ಬೌದ್ಧಿಕ ಆಸ್ತಿ ಹಕ್ಕುಗಳು ಕುರಿತು ಸೆಪ್ಟೆಂಬರ್ 10 ರಿಂದ 12 ರವರೆಗೆ ಮೂರು ದಿನಗಳ ಕಾರ್ಯಾಗಾರವನ್ನು ಅಕಾಡೆಮಿಯ ಕಛೇರಿಯಲ್ಲಿ ಆಯೋಜಿಸಲಾಗಿದೆ. ಆಸಕ್ತ ವಿಜ್ಞಾನ ಪದವಿ, ಸ್ನಾತಕೋತ್ತರ, ವಿಜ್ಞಾನ ಸಂಶೋಧನಾ ವಿದ್ಯಾರ್ಥಿಗಳು, ಕಾನೂನು ವಿದ್ಯಾರ್ಥಿಗಳು ಹಾಗೂ ಉಪನ್ಯಾಸಕರು, ಅಧ್ಯಾಪಕರು ಭಾಗವಹಿಸಬಹುದಾಗಿದೆ. ಈ ಕಾರ್ಯಾಗಾರಕ್ಕೆ ಭಾಗವಹಿಸಲು ಇಚ್ಛಿಸುವವರು ಸೆಪ್ಟೆಂಬರ್ 8 ರೊಳಗೆ (Google form-https:// forms.gle/oPzdXFMRGy3yBEEb8) ನೋಂದಾಯಿಸಿಕೊಳ್ಳಬಹುದಾಗಿದೆ. ಹೆಚ್ಚಿನ ಮಾಹಿತಿಗಾಗಿ ಕಾರ್ಯಾಗಾರದ ಸಂಯೋಜಕರಾದ ಶ್ರೀ ಉಮೇಶ ಘಾಟಗೆ, ವೈಜ್ಞಾನಿಕಾಧಿಕಾರಿ, ಇವರನ್ನು (ಮೊ. 9743084194 ಸಂಪರ್ಕಿಸಬಹುದಾಗಿದೆ ಅಥವಾ ಅಕಾಡೆಮಿಯ ವೆಬ್ ಸೈಟ್ https://kstacadamy.in ವೀಕ್ಷಿಸಬಹುದಾಗಿದೆ. ಎಂದು ಕರ್ನಾಟಕ ವಿಜ್ಞಾನ ಮತ್ತು ತಂತ್ರಜ್ಞಾನ ಅಕಾಡೆಮಿಯ ಮುಖ್ಯ ಕಾರ್ಯನಿರ್ವಾಹಕಾಧಿಕಾರಿಯಾದ ಆನಂದ. ಆರ್ ಅವರು ಪ್ರಕಟಣೆಯಲ್ಲಿ ತಿಳಿಸಿದ್ದಾರೆ
ನಗರಸಭಾ ಕಾರ್ಯಾಲಯ, ಮಾದನಾಯಕನಹಳ್ಳಿ
ಬೆಂಗಳೂರು ಉತ್ತರ ತಾಲ್ಲೂಕು, ಬೆಂಗಳೂರು ಜಿಲ್ಲೆ - 562123
ದೂರವಾಣಿ: 08023718487, E-Mail: itstaff_ulb_mnhalli@yahoo.com
ಸಂಖ್ಯೆ:ನ.ಕಾ/ಆ.ಶಾ/ಟೆಂಡರ್/05/2025-26	ದಿನಾಂಕ: 04.09.2025
ಟೆಂಡರ್ ಪ್ರಕಟಣೆ
ಪೌರಾಯುಕ್ತರು, ಮಾದನಾಯಕನಹಳ್ಳಿ ನಗರಸಭೆಯವರು ಈ ಕೆಳಕಂಡ ಕಾಮಗಾರಿಗಳನ್ನು ಒದಗಿಸಲು ನಗರಸಭಾ ನಿಧಿಯಡಿ ದ್ವಿಲಕೋಟೆ ಪದ್ಧತಿಯಡಿಯಲ್ಲಿ ಟೆಂಡರ್ ಆಹ್ವಾನಿಸಿದ್ದು, ಅರ್ಹ ವ್ಯಕ್ತಿಗಳು/ಏಜೆನ್ಸಿಗಳು ಅರ್ಜಿ ಟೆಂಡರ್ ದಾಖಲೆಗಳನ್ನು ಪಡೆಯಬಹುದಾಗಿರುತ್ತದೆ.
ಕ್ರ.ಸಂ	ಕಾಮಗಾರಿಯ ಹೆಸರು	ಅಂದಾಜು ಮೊತ್ತ	ಇಎಂಡಿ	ಟೆಂಡರ್ ಫಾರಂ ಶುಲ್ಕ ಮೊತ್ತ
1	ನಗರಸಭೆಯ ವಿದ್ಯುತ್ ದೀಪಗಳ ನಿರ್ವಹಣೆ ಹಾಗೂ ಎಲೆಕ್ಟ್ರಿಕಲ್ ಸ್ಪೇರ್ ಗಳನ್ನು ಸರಬರಾಜು ಮಾಡುವುದು.	ರೂ. 2,61,000.00	ರೂ. 6,525.00	ರೂ. 500.00 + 18% ಜಿ.ಎಸ್.ಟಿ.
ಟೆಂಡರ್ ದಾಖಲೆಗಳನ್ನು ಈ ಕಛೇರಿಯಿಂದ ಪಡೆದುಕೊಳ್ಳಬಹುದಾಗಿದ್ದು, ಭರ್ತಿ ಮಾಡಿದ ಟೆಂಡರ್‌ಗಳನ್ನು ಸಲ್ಲಿಸಲು ಕೊನೆಯ ದಿನಾಂಕ:- 20/09/2025ರಂದು ಸಂಜೆ 16:00 ಘಂಟೆಯವರೆಗೆ. ದರಗಳನ್ನು ಅದೇ ದಿನ ಸಂಜೆ 16:30 ಘಂಟೆಗೆ ತೆರೆಯಲಾಗುವುದು. ಹೆಚ್ಚಿನ ವಿವರಗಳನ್ನು ಕಛೇರಿಯ ಆರೋಗ್ಯ ಶಾಖೆಯಿಂದ ಪಡೆದುಕೊಳ್ಳಬಹುದಾಗಿದೆ.
ಕೊಟೇಷನ್ ಪ್ರಕಟಣೆ
ಮಾದನಾಯಕನಹಳ್ಳಿ ನಗರಸಭೆ ವ್ಯಾಪ್ತಿಯಲ್ಲಿ ಬ್ಲ್ಯಾಕ್ ಸ್ಪಾಟ್‌ಗಳನ್ನು ಮಾನಿಟರ್ ಮಾಡಲು ಸೋಲಾರ್ ಸಿಸಿ ಕ್ಯಾಮೆರಾಗಳನ್ನು ಅಳವಡಿಸಲು ಟೆಂಡರ್ ಕರೆಯಬೇಕಾಗಿದ್ದು, ಅಂದಾಜು ತಯಾರಿಸಲು ಮಾರುಕಟ್ಟೆ ದರಗಳನ್ನು ಪಡೆಯಲು ಕೊಟೇಷನ್ ಪ್ರಕಟಣೆ ನೀಡಲಾಗಿದೆ. ಆಸಕ್ತಿಯುಳ್ಳವರು ತಾಂತ್ರಿಕ ನಿರ್ದಿಷ್ಟತೆಗಳನ್ನು ಆರೋಗ್ಯ ಶಾಖೆಯಿಂದ ಪಡೆದು ದಿನಾಂಕ: 12/09/2025 ರ ಸಂಜೆ 4.30 ರೊಳಗೆ ಕೊಟೇಷನ್‌ಗಳನ್ನು ಈ ಕಛೇರಿಗೆ ಸಲ್ಲಿಸಲು ಕೋರಿದೆ.
ಸಹಿ/- ಪೌರಾಯುಕ್ತರು,
ವಾರ್ತಾ ಇಲಾಖೆ/244 ಬಿಡಿ ಸಂಖ್ಯೆ/2025-26	ನಗರಸಭೆ, ಮಾದನಾಯಕನಹಳ್ಳಿ
